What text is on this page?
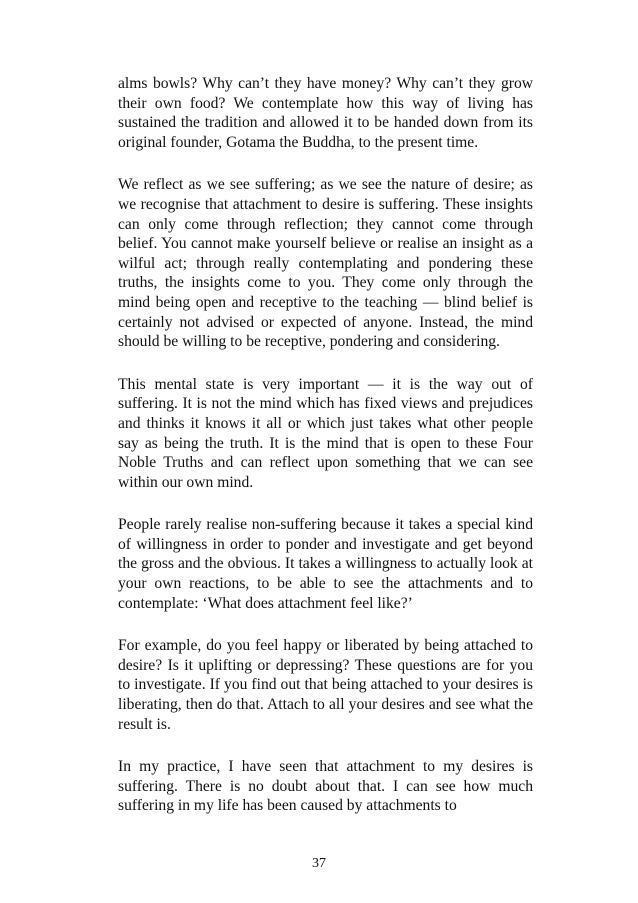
alms bowls? Why can’t they have money? Why can’t they grow their own food? We contemplate how this way of living has sustained the tradition and allowed it to be handed down from its original founder, Gotama the Buddha, to the present time.

We reflect as we see suffering; as we see the nature of desire; as we recognise that attachment to desire is suffering. These insights can only come through reflection; they cannot come through belief. You cannot make yourself believe or realise an insight as a wilful act; through really contemplating and pondering these truths, the insights come to you. They come only through the mind being open and receptive to the teaching — blind belief is certainly not advised or expected of anyone. Instead, the mind should be willing to be receptive, pondering and considering.

This mental state is very important — it is the way out of suffering. It is not the mind which has fixed views and prejudices and thinks it knows it all or which just takes what other people say as being the truth. It is the mind that is open to these Four Noble Truths and can reflect upon something that we can see within our own mind.

People rarely realise non-suffering because it takes a special kind of willingness in order to ponder and investigate and get beyond the gross and the obvious. It takes a willingness to actually look at your own reactions, to be able to see the attachments and to contemplate: ‘What does attachment feel like?’

For example, do you feel happy or liberated by being attached to desire? Is it uplifting or depressing? These questions are for you to investigate. If you find out that being attached to your desires is liberating, then do that. Attach to all your desires and see what the result is.

In my practice, I have seen that attachment to my desires is suffering. There is no doubt about that. I can see how much suffering in my life has been caused by attachments to

37
